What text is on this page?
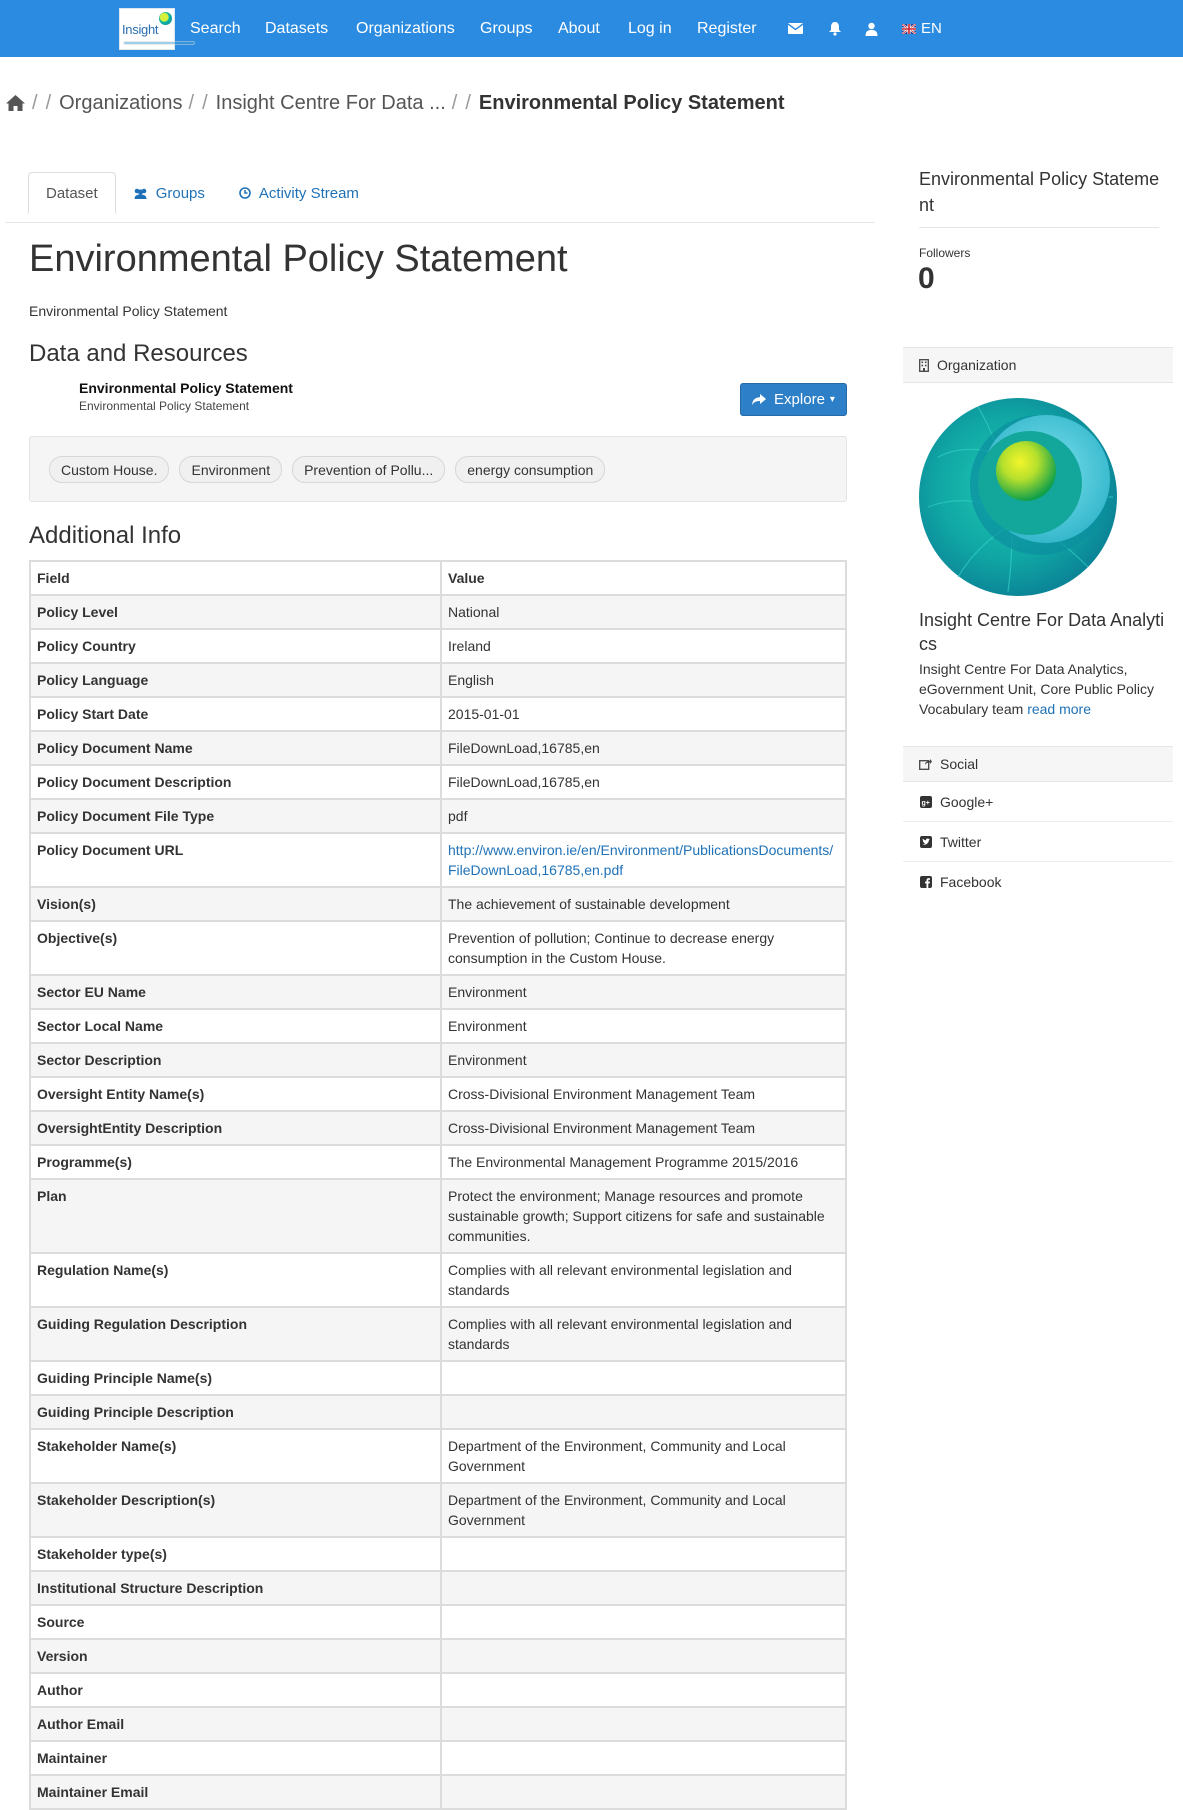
Insight Search Datasets Organizations Groups About Log in Register	EN
/ / Organizations / / Insight Centre For Data ... / / Environmental Policy Statement
Dataset	Groups	Activity Stream
Environmental Policy Statement
Environmental Policy Statement
Data and Resources
Environmental Policy Statement
Environmental Policy Statement	Explore ▾
Custom House.	Environment	Prevention of Pollu...	energy consumption
Additional Info
Field	Value
Policy Level	National
Policy Country	Ireland
Policy Language	English
Policy Start Date	2015-01-01
Policy Document Name	FileDownLoad,16785,en
Policy Document Description	FileDownLoad,16785,en
Policy Document File Type	pdf
Policy Document URL	http://www.environ.ie/en/Environment/PublicationsDocuments/FileDownLoad,16785,en.pdf
Vision(s)	The achievement of sustainable development
Objective(s)	Prevention of pollution; Continue to decrease energy consumption in the Custom House.
Sector EU Name	Environment
Sector Local Name	Environment
Sector Description	Environment
Oversight Entity Name(s)	Cross-Divisional Environment Management Team
OversightEntity Description	Cross-Divisional Environment Management Team
Programme(s)	The Environmental Management Programme 2015/2016
Plan	Protect the environment; Manage resources and promote sustainable growth; Support citizens for safe and sustainable communities.
Regulation Name(s)	Complies with all relevant environmental legislation and standards
Guiding Regulation Description	Complies with all relevant environmental legislation and standards
Guiding Principle Name(s)	
Guiding Principle Description	
Stakeholder Name(s)	Department of the Environment, Community and Local Government
Stakeholder Description(s)	Department of the Environment, Community and Local Government
Stakeholder type(s)	
Institutional Structure Description	
Source	
Version	
Author	
Author Email	
Maintainer	
Maintainer Email	
Environmental Policy Statement
Followers
0
Organization
Insight Centre For Data Analytics
Insight Centre For Data Analytics, eGovernment Unit, Core Public Policy Vocabulary team read more
Social
g+ Google+
Twitter
Facebook
